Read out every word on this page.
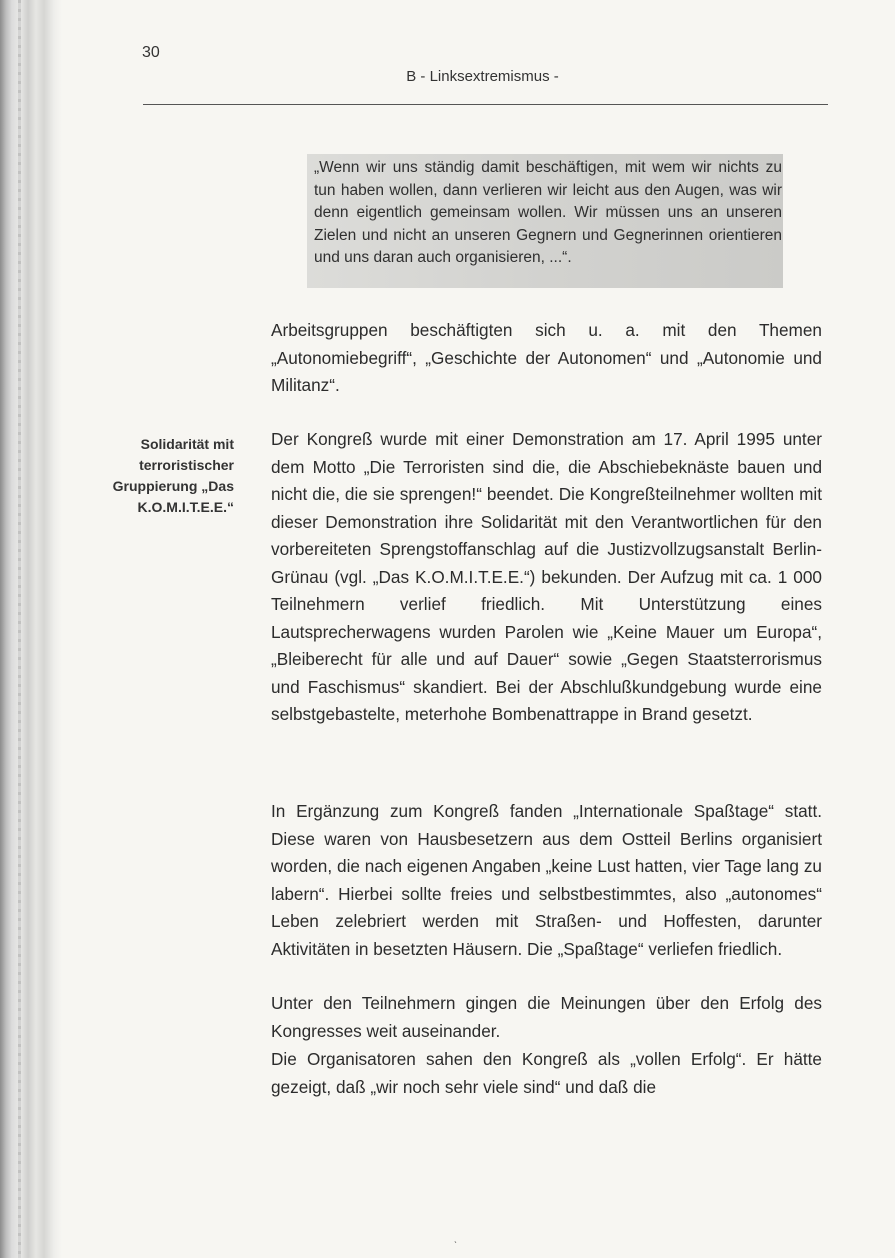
30
B - Linksextremismus -

„Wenn wir uns ständig damit beschäftigen, mit wem wir nichts zu tun haben wollen, dann verlieren wir leicht aus den Augen, was wir denn eigentlich gemeinsam wollen. Wir müssen uns an unseren Zielen und nicht an unseren Gegnern und Gegnerinnen orientieren und uns daran auch organisieren, ...“.

Arbeitsgruppen beschäftigten sich u. a. mit den Themen „Autonomiebegriff“, „Geschichte der Autonomen“ und „Autonomie und Militanz“.

Solidarität mit terroristischer Gruppierung „Das K.O.M.I.T.E.E.“

Der Kongreß wurde mit einer Demonstration am 17. April 1995 unter dem Motto „Die Terroristen sind die, die Abschiebeknäste bauen und nicht die, die sie sprengen!“ beendet. Die Kongreßteilnehmer wollten mit dieser Demonstration ihre Solidarität mit den Verantwortlichen für den vorbereiteten Sprengstoffanschlag auf die Justizvollzugsanstalt Berlin-Grünau (vgl. „Das K.O.M.I.T.E.E.“) bekunden. Der Aufzug mit ca. 1 000 Teilnehmern verlief friedlich. Mit Unterstützung eines Lautsprecherwagens wurden Parolen wie „Keine Mauer um Europa“, „Bleiberecht für alle und auf Dauer“ sowie „Gegen Staatsterrorismus und Faschismus“ skandiert. Bei der Abschlußkundgebung wurde eine selbstgebastelte, meterhohe Bombenattrappe in Brand gesetzt.

In Ergänzung zum Kongreß fanden „Internationale Spaßtage“ statt. Diese waren von Hausbesetzern aus dem Ostteil Berlins organisiert worden, die nach eigenen Angaben „keine Lust hatten, vier Tage lang zu labern“. Hierbei sollte freies und selbstbestimmtes, also „autonomes“ Leben zelebriert werden mit Straßen- und Hoffesten, darunter Aktivitäten in besetzten Häusern. Die „Spaßtage“ verliefen friedlich.

Unter den Teilnehmern gingen die Meinungen über den Erfolg des Kongresses weit auseinander.

Die Organisatoren sahen den Kongreß als „vollen Erfolg“. Er hätte gezeigt, daß „wir noch sehr viele sind“ und daß die

ˎ
